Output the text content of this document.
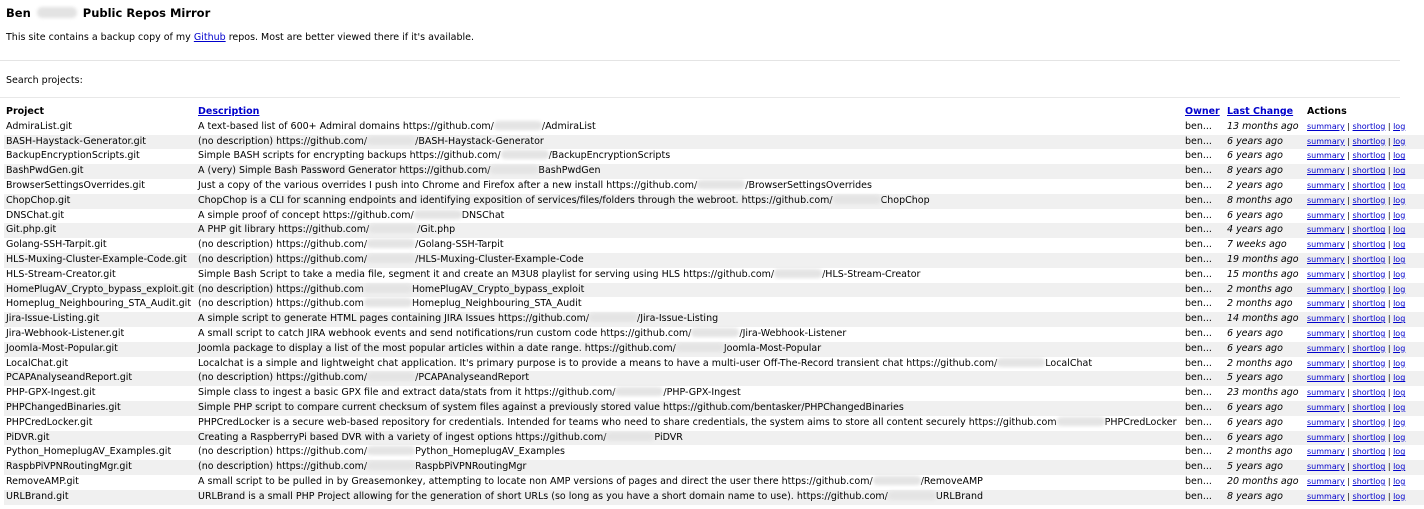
Ben	Public Repos Mirror
This site contains a backup copy of my Github repos. Most are better viewed there if it's available.
Search projects:
Project	Description	Owner	Last Change	Actions
AdmiraList.git	A text-based list of 600+ Admiral domains https://github.com/ /AdmiraList	ben...	13 months ago	summary | shortlog | log
BASH-Haystack-Generator.git	(no description) https://github.com/ /BASH-Haystack-Generator	ben...	6 years ago	summary | shortlog | log
BackupEncryptionScripts.git	Simple BASH scripts for encrypting backups https://github.com/ /BackupEncryptionScripts	ben...	6 years ago	summary | shortlog | log
BashPwdGen.git	A (very) Simple Bash Password Generator https://github.com/ BashPwdGen	ben...	8 years ago	summary | shortlog | log
BrowserSettingsOverrides.git	Just a copy of the various overrides I push into Chrome and Firefox after a new install https://github.com/ /BrowserSettingsOverrides	ben...	2 years ago	summary | shortlog | log
ChopChop.git	ChopChop is a CLI for scanning endpoints and identifying exposition of services/files/folders through the webroot. https://github.com/ ChopChop	ben...	8 months ago	summary | shortlog | log
DNSChat.git	A simple proof of concept https://github.com/ DNSChat	ben...	6 years ago	summary | shortlog | log
Git.php.git	A PHP git library https://github.com/ /Git.php	ben...	4 years ago	summary | shortlog | log
Golang-SSH-Tarpit.git	(no description) https://github.com/ /Golang-SSH-Tarpit	ben...	7 weeks ago	summary | shortlog | log
HLS-Muxing-Cluster-Example-Code.git	(no description) https://github.com/ /HLS-Muxing-Cluster-Example-Code	ben...	19 months ago	summary | shortlog | log
HLS-Stream-Creator.git	Simple Bash Script to take a media file, segment it and create an M3U8 playlist for serving using HLS https://github.com/ /HLS-Stream-Creator	ben...	15 months ago	summary | shortlog | log
HomePlugAV_Crypto_bypass_exploit.git	(no description) https://github.com HomePlugAV_Crypto_bypass_exploit	ben...	2 months ago	summary | shortlog | log
Homeplug_Neighbouring_STA_Audit.git	(no description) https://github.com Homeplug_Neighbouring_STA_Audit	ben...	2 months ago	summary | shortlog | log
Jira-Issue-Listing.git	A simple script to generate HTML pages containing JIRA Issues https://github.com/ /Jira-Issue-Listing	ben...	14 months ago	summary | shortlog | log
Jira-Webhook-Listener.git	A small script to catch JIRA webhook events and send notifications/run custom code https://github.com/ /Jira-Webhook-Listener	ben...	6 years ago	summary | shortlog | log
Joomla-Most-Popular.git	Joomla package to display a list of the most popular articles within a date range. https://github.com/ Joomla-Most-Popular	ben...	6 years ago	summary | shortlog | log
LocalChat.git	Localchat is a simple and lightweight chat application. It's primary purpose is to provide a means to have a multi-user Off-The-Record transient chat https://github.com/ LocalChat	ben...	2 months ago	summary | shortlog | log
PCAPAnalyseandReport.git	(no description) https://github.com/ /PCAPAnalyseandReport	ben...	5 years ago	summary | shortlog | log
PHP-GPX-Ingest.git	Simple class to ingest a basic GPX file and extract data/stats from it https://github.com/ /PHP-GPX-Ingest	ben...	23 months ago	summary | shortlog | log
PHPChangedBinaries.git	Simple PHP script to compare current checksum of system files against a previously stored value https://github.com/bentasker/PHPChangedBinaries	ben...	6 years ago	summary | shortlog | log
PHPCredLocker.git	PHPCredLocker is a secure web-based repository for credentials. Intended for teams who need to share credentials, the system aims to store all content securely https://github.com PHPCredLocker	ben...	6 years ago	summary | shortlog | log
PiDVR.git	Creating a RaspberryPi based DVR with a variety of ingest options https://github.com/ PiDVR	ben...	6 years ago	summary | shortlog | log
Python_HomeplugAV_Examples.git	(no description) https://github.com/ Python_HomeplugAV_Examples	ben...	2 months ago	summary | shortlog | log
RaspbPiVPNRoutingMgr.git	(no description) https://github.com/ RaspbPiVPNRoutingMgr	ben...	5 years ago	summary | shortlog | log
RemoveAMP.git	A small script to be pulled in by Greasemonkey, attempting to locate non AMP versions of pages and direct the user there https://github.com/ /RemoveAMP	ben...	20 months ago	summary | shortlog | log
URLBrand.git	URLBrand is a small PHP Project allowing for the generation of short URLs (so long as you have a short domain name to use). https://github.com/ URLBrand	ben...	8 years ago	summary | shortlog | log
